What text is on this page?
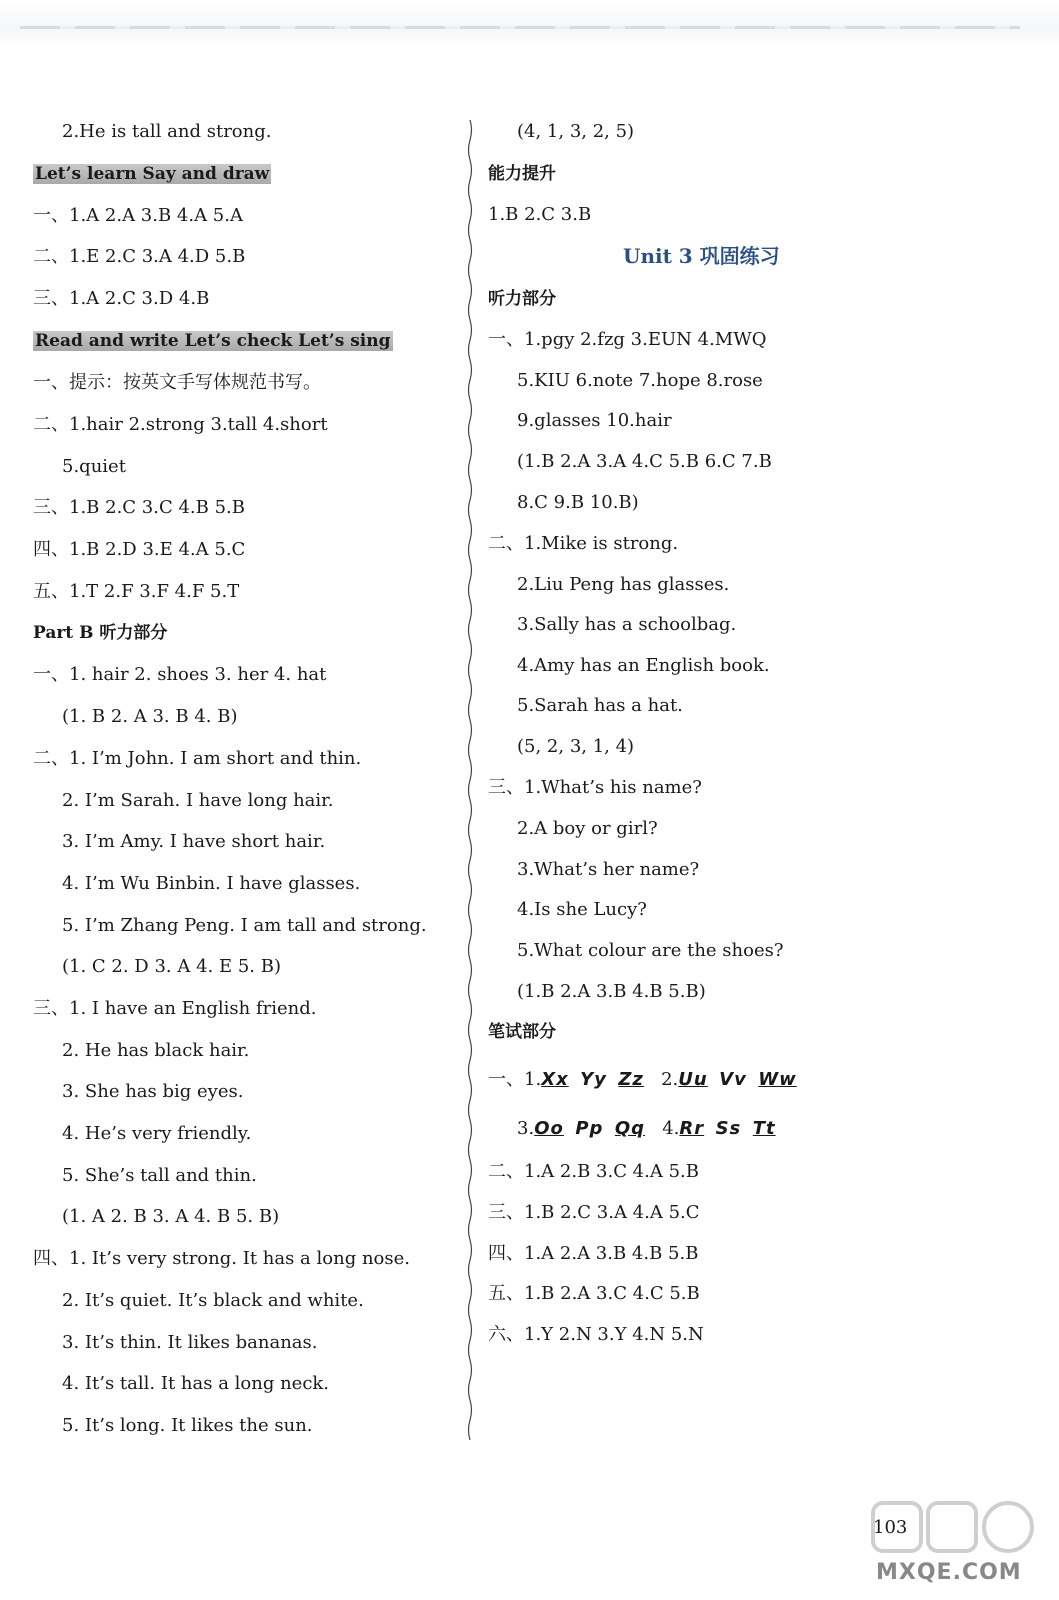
2.He is tall and strong.
Let’s learn Say and draw
一、1.A 2.A 3.B 4.A 5.A
二、1.E 2.C 3.A 4.D 5.B
三、1.A 2.C 3.D 4.B
Read and write Let’s check Let’s sing
一、提示：按英文手写体规范书写。
二、1.hair 2.strong 3.tall 4.short
5.quiet
三、1.B 2.C 3.C 4.B 5.B
四、1.B 2.D 3.E 4.A 5.C
五、1.T 2.F 3.F 4.F 5.T
Part B 听力部分
一、1. hair 2. shoes 3. her 4. hat
(1. B 2. A 3. B 4. B)
二、1. I’m John. I am short and thin.
2. I’m Sarah. I have long hair.
3. I’m Amy. I have short hair.
4. I’m Wu Binbin. I have glasses.
5. I’m Zhang Peng. I am tall and strong.
(1. C 2. D 3. A 4. E 5. B)
三、1. I have an English friend.
2. He has black hair.
3. She has big eyes.
4. He’s very friendly.
5. She’s tall and thin.
(1. A 2. B 3. A 4. B 5. B)
四、1. It’s very strong. It has a long nose.
2. It’s quiet. It’s black and white.
3. It’s thin. It likes bananas.
4. It’s tall. It has a long neck.
5. It’s long. It likes the sun.
(4, 1, 3, 2, 5)
能力提升
1.B 2.C 3.B
Unit 3 巩固练习
听力部分
一、1.pgy 2.fzg 3.EUN 4.MWQ
5.KIU 6.note 7.hope 8.rose
9.glasses 10.hair
(1.B 2.A 3.A 4.C 5.B 6.C 7.B
8.C 9.B 10.B)
二、1.Mike is strong.
2.Liu Peng has glasses.
3.Sally has a schoolbag.
4.Amy has an English book.
5.Sarah has a hat.
(5, 2, 3, 1, 4)
三、1.What’s his name?
2.A boy or girl?
3.What’s her name?
4.Is she Lucy?
5.What colour are the shoes?
(1.B 2.A 3.B 4.B 5.B)
笔试部分
一、1.Xx Yy Zz 2.Uu Vv Ww
3.Oo Pp Qq 4.Rr Ss Tt
二、1.A 2.B 3.C 4.A 5.B
三、1.B 2.C 3.A 4.A 5.C
四、1.A 2.A 3.B 4.B 5.B
五、1.B 2.A 3.C 4.C 5.B
六、1.Y 2.N 3.Y 4.N 5.N
MXQE.COM
103
